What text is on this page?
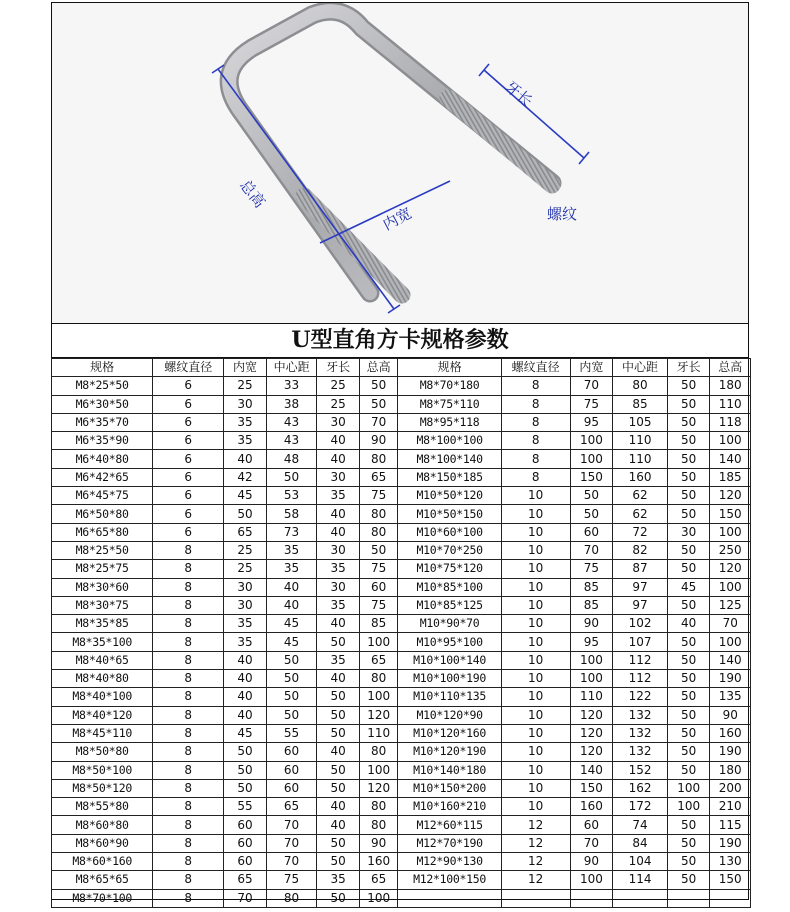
总高
内宽
牙长
螺纹
U型直角方卡规格参数
规格	螺纹直径	内宽	中心距	牙长	总高	规格	螺纹直径	内宽	中心距	牙长	总高
M8*25*50	6	25	33	25	50	M8*70*180	8	70	80	50	180
M6*30*50	6	30	38	25	50	M8*75*110	8	75	85	50	110
M6*35*70	6	35	43	30	70	M8*95*118	8	95	105	50	118
M6*35*90	6	35	43	40	90	M8*100*100	8	100	110	50	100
M6*40*80	6	40	48	40	80	M8*100*140	8	100	110	50	140
M6*42*65	6	42	50	30	65	M8*150*185	8	150	160	50	185
M6*45*75	6	45	53	35	75	M10*50*120	10	50	62	50	120
M6*50*80	6	50	58	40	80	M10*50*150	10	50	62	50	150
M6*65*80	6	65	73	40	80	M10*60*100	10	60	72	30	100
M8*25*50	8	25	35	30	50	M10*70*250	10	70	82	50	250
M8*25*75	8	25	35	35	75	M10*75*120	10	75	87	50	120
M8*30*60	8	30	40	30	60	M10*85*100	10	85	97	45	100
M8*30*75	8	30	40	35	75	M10*85*125	10	85	97	50	125
M8*35*85	8	35	45	40	85	M10*90*70	10	90	102	40	70
M8*35*100	8	35	45	50	100	M10*95*100	10	95	107	50	100
M8*40*65	8	40	50	35	65	M10*100*140	10	100	112	50	140
M8*40*80	8	40	50	40	80	M10*100*190	10	100	112	50	190
M8*40*100	8	40	50	50	100	M10*110*135	10	110	122	50	135
M8*40*120	8	40	50	50	120	M10*120*90	10	120	132	50	90
M8*45*110	8	45	55	50	110	M10*120*160	10	120	132	50	160
M8*50*80	8	50	60	40	80	M10*120*190	10	120	132	50	190
M8*50*100	8	50	60	50	100	M10*140*180	10	140	152	50	180
M8*50*120	8	50	60	50	120	M10*150*200	10	150	162	100	200
M8*55*80	8	55	65	40	80	M10*160*210	10	160	172	100	210
M8*60*80	8	60	70	40	80	M12*60*115	12	60	74	50	115
M8*60*90	8	60	70	50	90	M12*70*190	12	70	84	50	190
M8*60*160	8	60	70	50	160	M12*90*130	12	90	104	50	130
M8*65*65	8	65	75	35	65	M12*100*150	12	100	114	50	150
M8*70*100	8	70	80	50	100						
